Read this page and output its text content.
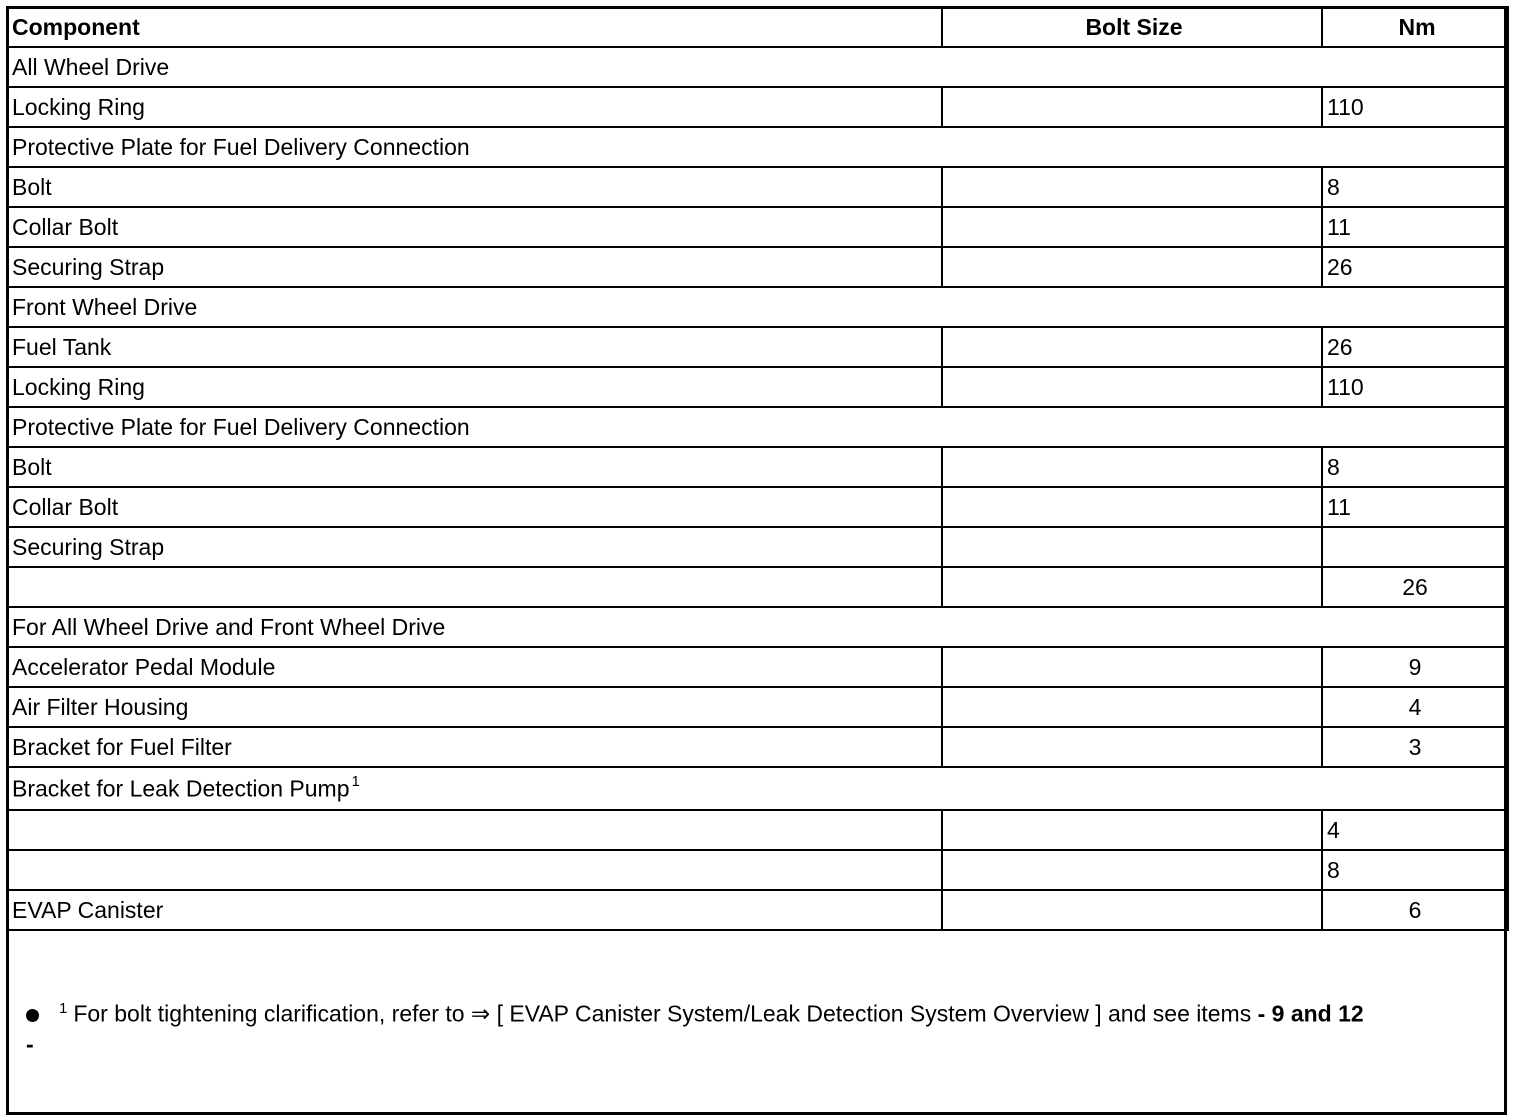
Component	Bolt Size	Nm
All Wheel Drive		
Locking Ring		110
Protective Plate for Fuel Delivery Connection		
Bolt		8
Collar Bolt		11
Securing Strap		26
Front Wheel Drive		
Fuel Tank		26
Locking Ring		110
Protective Plate for Fuel Delivery Connection		
Bolt		8
Collar Bolt		11
Securing Strap		
		26
For All Wheel Drive and Front Wheel Drive		
Accelerator Pedal Module		9
Air Filter Housing		4
Bracket for Fuel Filter		3
Bracket for Leak Detection Pump $^1$
		4
		8
EVAP Canister		6
$^1$ For bolt tightening clarification, refer to ⇒ [ EVAP Canister System/Leak Detection System Overview ] and see items - 9 and 12
-
